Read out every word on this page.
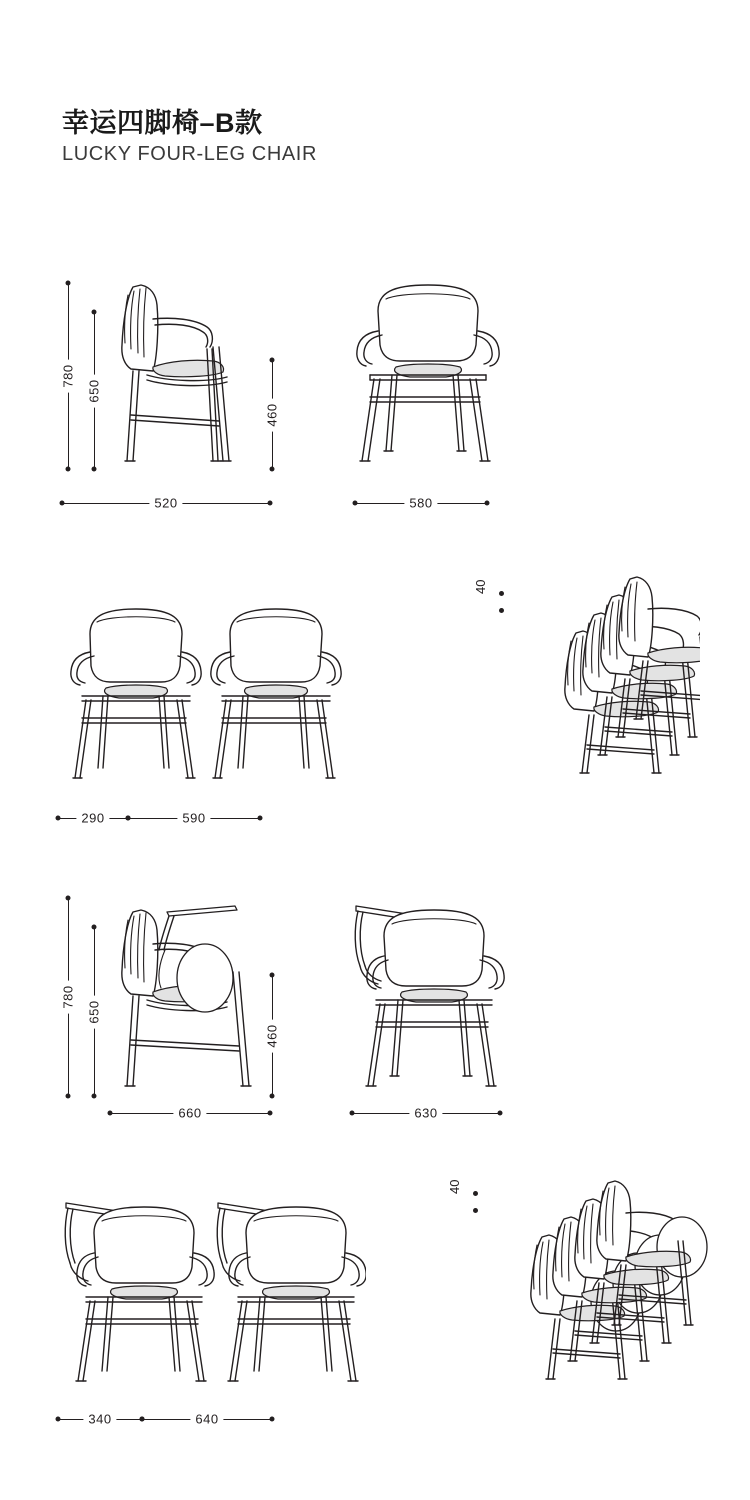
幸运四脚椅–B款
LUCKY FOUR-LEG CHAIR
780
650
460
520	580
290	590
40
780
650
460
660	630
340	640
40
